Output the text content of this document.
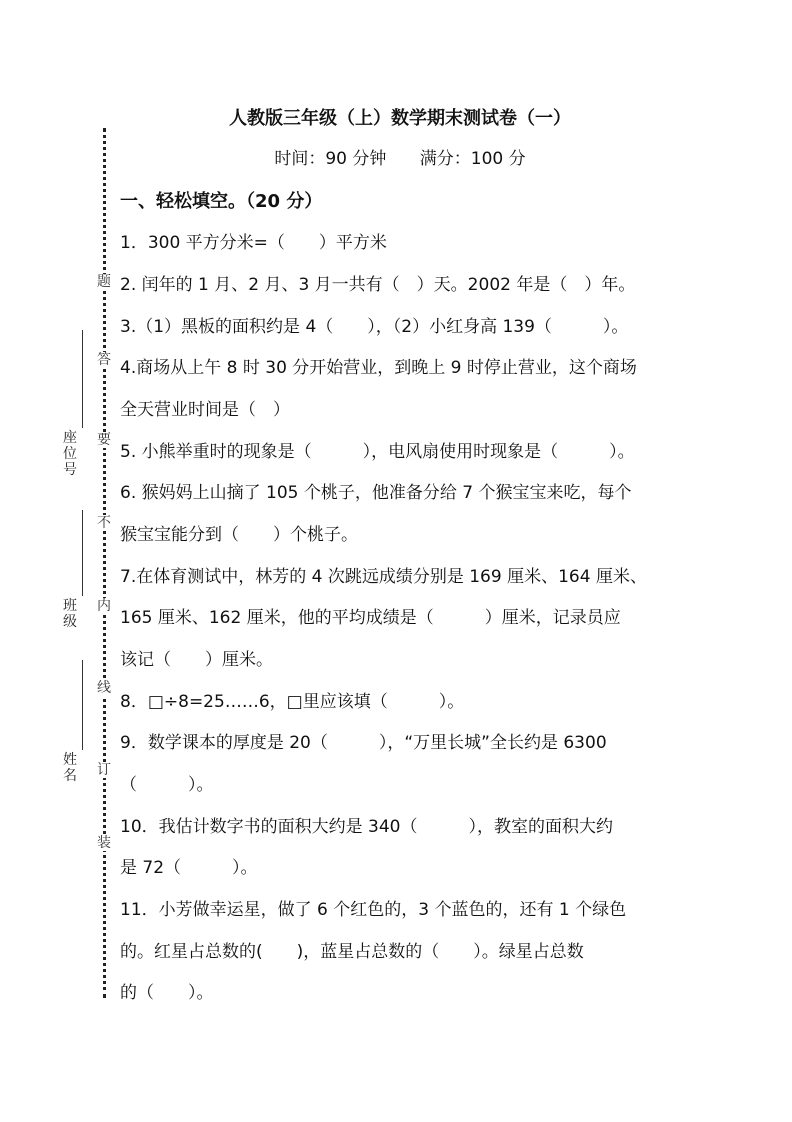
题
答
要
不
内
线
订
装
座位号
班级
姓名
人教版三年级（上）数学期末测试卷（一）
时间：90 分钟 满分：100 分
一、轻松填空。（20 分）
1．300 平方分米=（　　）平方米
2. 闰年的 1 月、2 月、3 月一共有（　）天。2002 年是（　）年。
3.（1）黑板的面积约是 4（　　），（2）小红身高 139（　　　）。
4.商场从上午 8 时 30 分开始营业，到晚上 9 时停止营业，这个商场
全天营业时间是（　）
5. 小熊举重时的现象是（　　　），电风扇使用时现象是（　　　）。
6. 猴妈妈上山摘了 105 个桃子，他准备分给 7 个猴宝宝来吃，每个
猴宝宝能分到（　　）个桃子。
7.在体育测试中，林芳的 4 次跳远成绩分别是 169 厘米、164 厘米、
165 厘米、162 厘米，他的平均成绩是（　　　）厘米，记录员应
该记（　　）厘米。
8．□÷8=25……6，□里应该填（　　　）。
9．数学课本的厚度是 20（　　　），“万里长城”全长约是 6300
（　　　）。
10．我估计数字书的面积大约是 340（　　　），教室的面积大约
是 72（　　　）。
11．小芳做幸运星，做了 6 个红色的，3 个蓝色的，还有 1 个绿色
的。红星占总数的(　　)，蓝星占总数的（　　）。绿星占总数
的（　　）。
